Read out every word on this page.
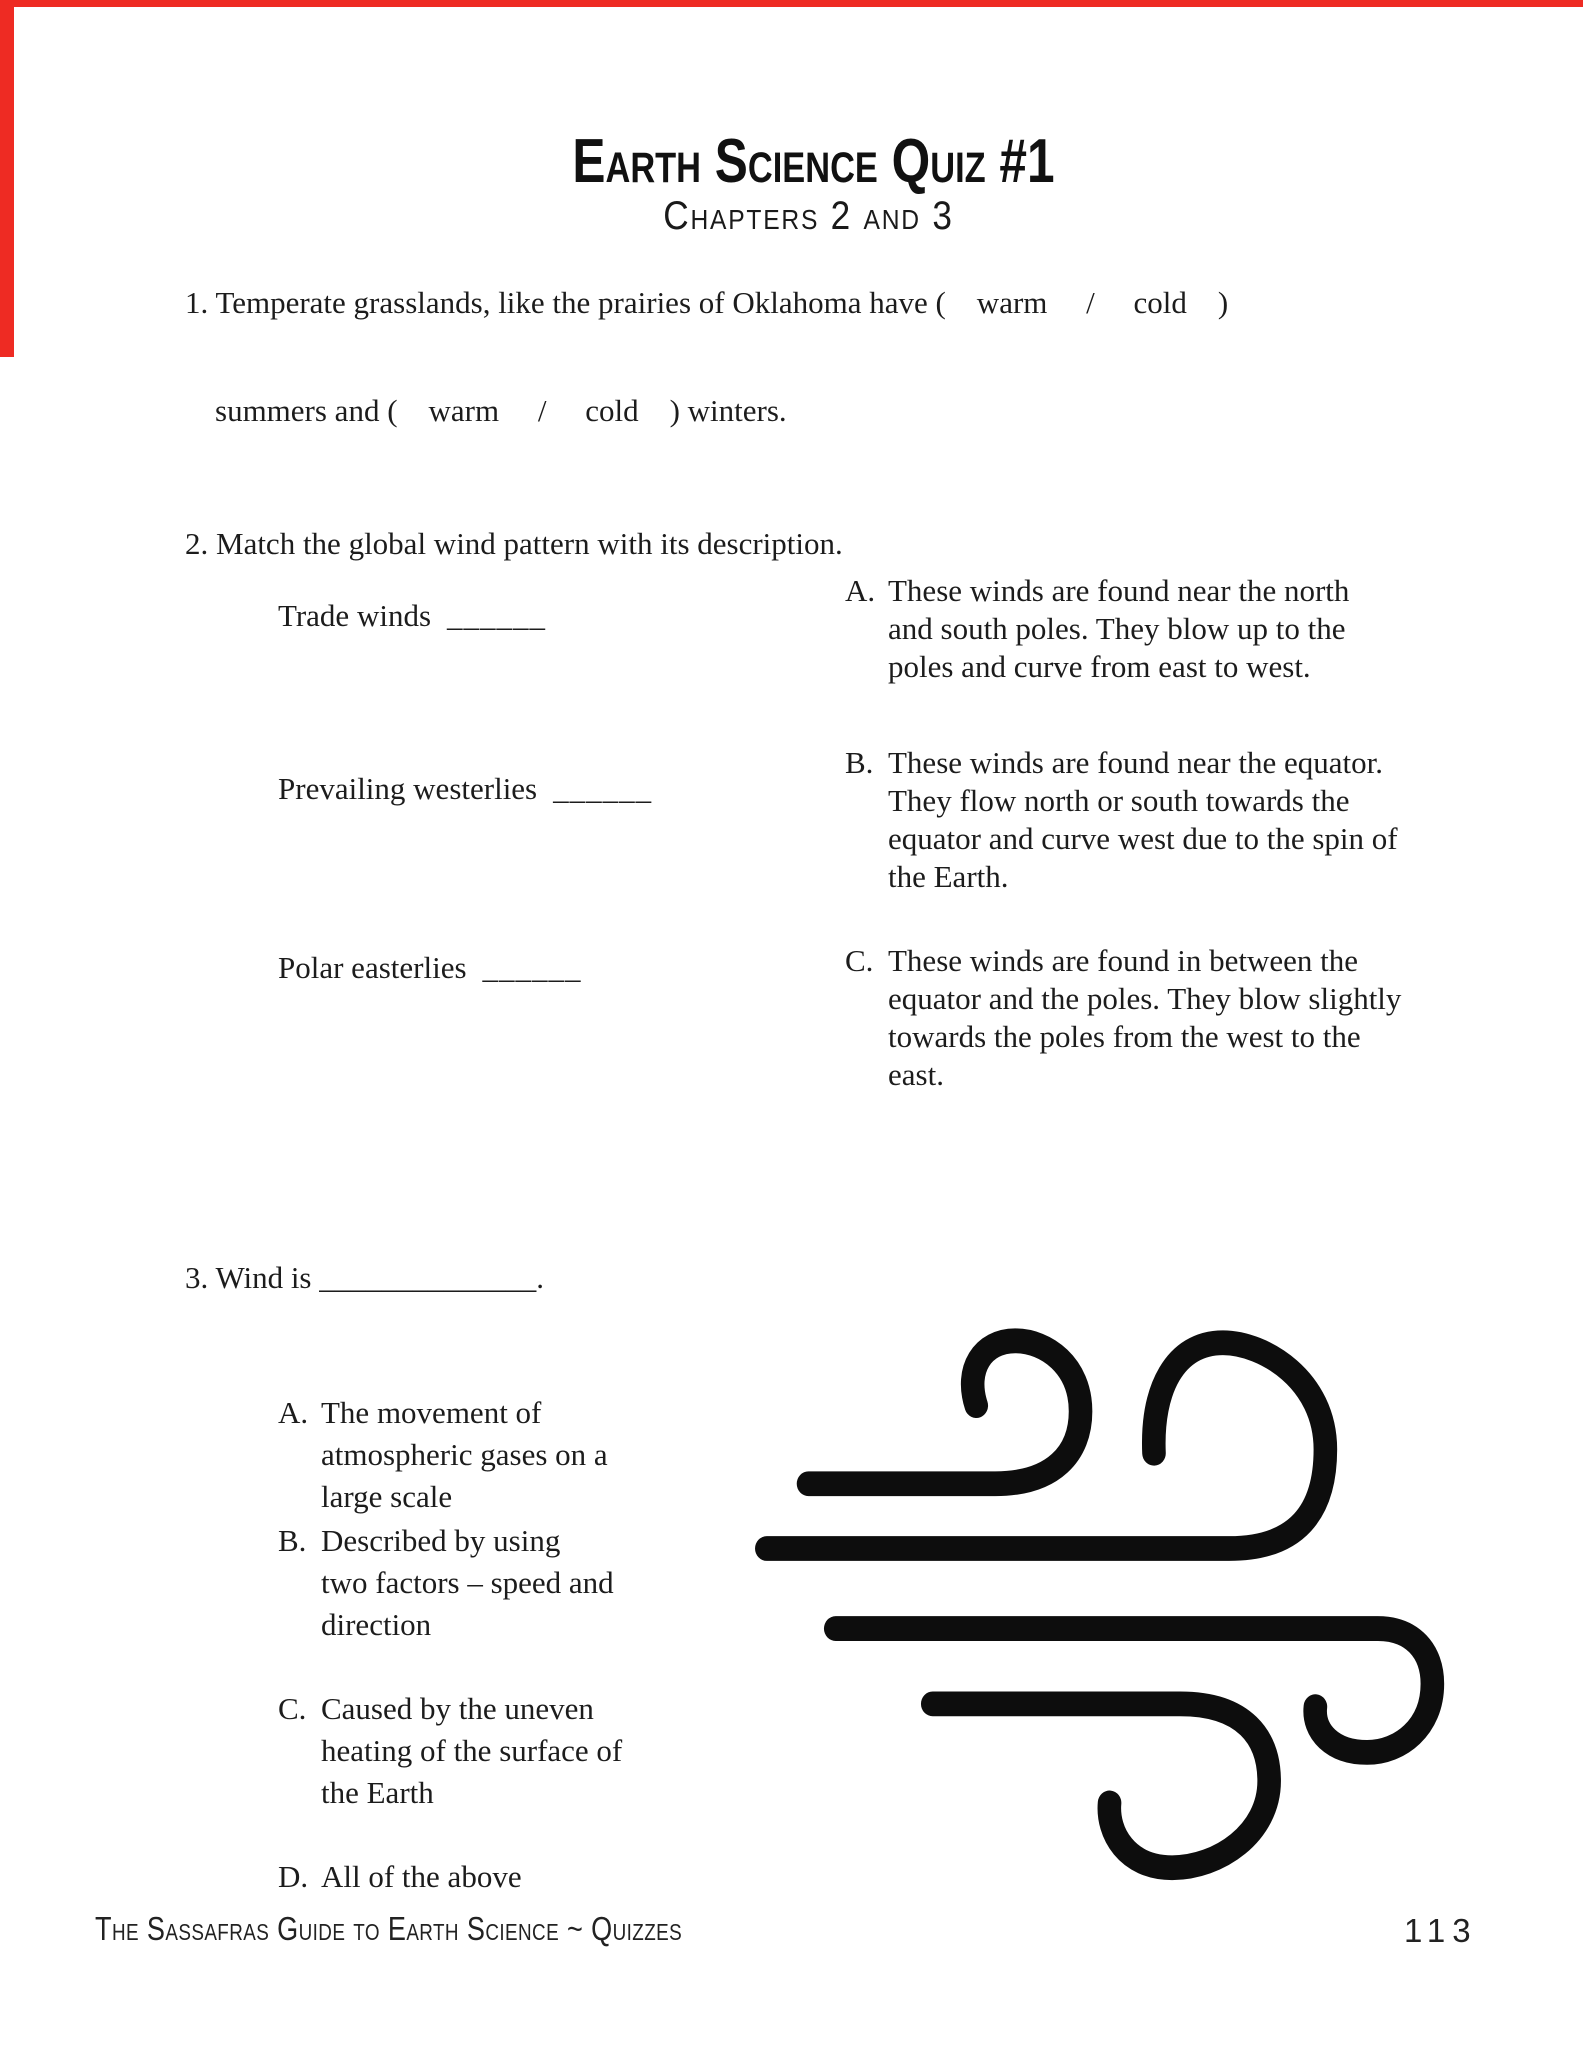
Earth Science Quiz #1
Chapters 2 and 3
1. Temperate grasslands, like the prairies of Oklahoma have (    warm     /     cold    )
summers and (    warm     /     cold    ) winters.
2. Match the global wind pattern with its description.
Trade winds ______
Prevailing westerlies ______
Polar easterlies ______
A. These winds are found near the north
and south poles. They blow up to the
poles and curve from east to west.
B. These winds are found near the equator.
They flow north or south towards the
equator and curve west due to the spin of
the Earth.
C. These winds are found in between the
equator and the poles. They blow slightly
towards the poles from the west to the
east.
3. Wind is ______________.
A. The movement of
atmospheric gases on a
large scale
B. Described by using
two factors – speed and
direction
C. Caused by the uneven
heating of the surface of
the Earth
D. All of the above
The Sassafras Guide to Earth Science ~ Quizzes	113
